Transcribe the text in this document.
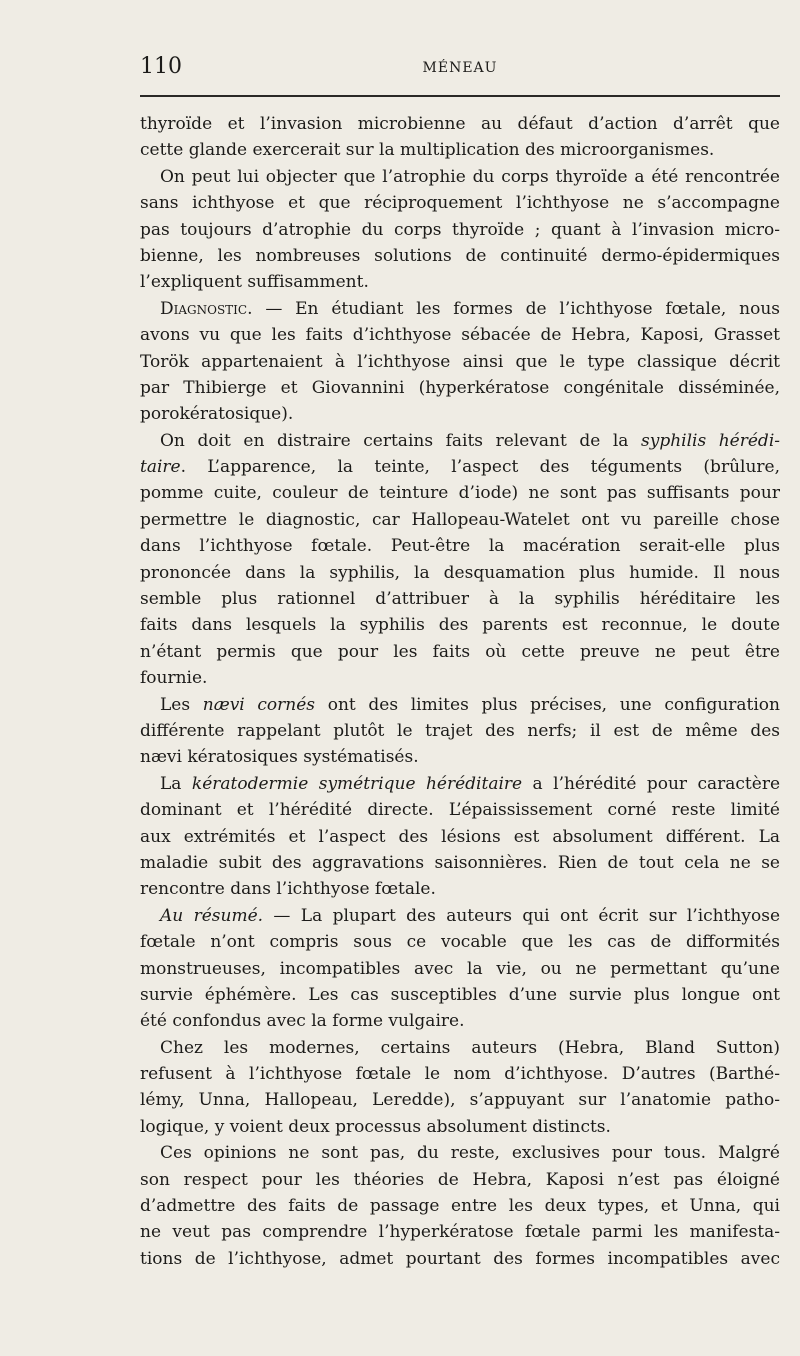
110	MÉNEAU
thyroïde et l’invasion microbienne au défaut d’action d’arrêt que
cette glande exercerait sur la multiplication des microorganismes.
On peut lui objecter que l’atrophie du corps thyroïde a été rencontrée
sans ichthyose et que réciproquement l’ichthyose ne s’accompagne
pas toujours d’atrophie du corps thyroïde ; quant à l’invasion micro-
bienne, les nombreuses solutions de continuité dermo-épidermiques
l’expliquent suffisamment.
Diagnostic. — En étudiant les formes de l’ichthyose fœtale, nous
avons vu que les faits d’ichthyose sébacée de Hebra, Kaposi, Grasset
Torök appartenaient à l’ichthyose ainsi que le type classique décrit
par Thibierge et Giovannini (hyperkératose congénitale disséminée,
porokératosique).
On doit en distraire certains faits relevant de la syphilis hérédi-
taire. L’apparence, la teinte, l’aspect des téguments (brûlure,
pomme cuite, couleur de teinture d’iode) ne sont pas suffisants pour
permettre le diagnostic, car Hallopeau-Watelet ont vu pareille chose
dans l’ichthyose fœtale. Peut-être la macération serait-elle plus
prononcée dans la syphilis, la desquamation plus humide. Il nous
semble plus rationnel d’attribuer à la syphilis héréditaire les
faits dans lesquels la syphilis des parents est reconnue, le doute
n’étant permis que pour les faits où cette preuve ne peut être
fournie.
Les nævi cornés ont des limites plus précises, une configuration
différente rappelant plutôt le trajet des nerfs; il est de même des
nævi kératosiques systématisés.
La kératodermie symétrique héréditaire a l’hérédité pour caractère
dominant et l’hérédité directe. L’épaississement corné reste limité
aux extrémités et l’aspect des lésions est absolument différent. La
maladie subit des aggravations saisonnières. Rien de tout cela ne se
rencontre dans l’ichthyose fœtale.
Au résumé. — La plupart des auteurs qui ont écrit sur l’ichthyose
fœtale n’ont compris sous ce vocable que les cas de difformités
monstrueuses, incompatibles avec la vie, ou ne permettant qu’une
survie éphémère. Les cas susceptibles d’une survie plus longue ont
été confondus avec la forme vulgaire.
Chez les modernes, certains auteurs (Hebra, Bland Sutton)
refusent à l’ichthyose fœtale le nom d’ichthyose. D’autres (Barthé-
lémy, Unna, Hallopeau, Leredde), s’appuyant sur l’anatomie patho-
logique, y voient deux processus absolument distincts.
Ces opinions ne sont pas, du reste, exclusives pour tous. Malgré
son respect pour les théories de Hebra, Kaposi n’est pas éloigné
d’admettre des faits de passage entre les deux types, et Unna, qui
ne veut pas comprendre l’hyperkératose fœtale parmi les manifesta-
tions de l’ichthyose, admet pourtant des formes incompatibles avec
